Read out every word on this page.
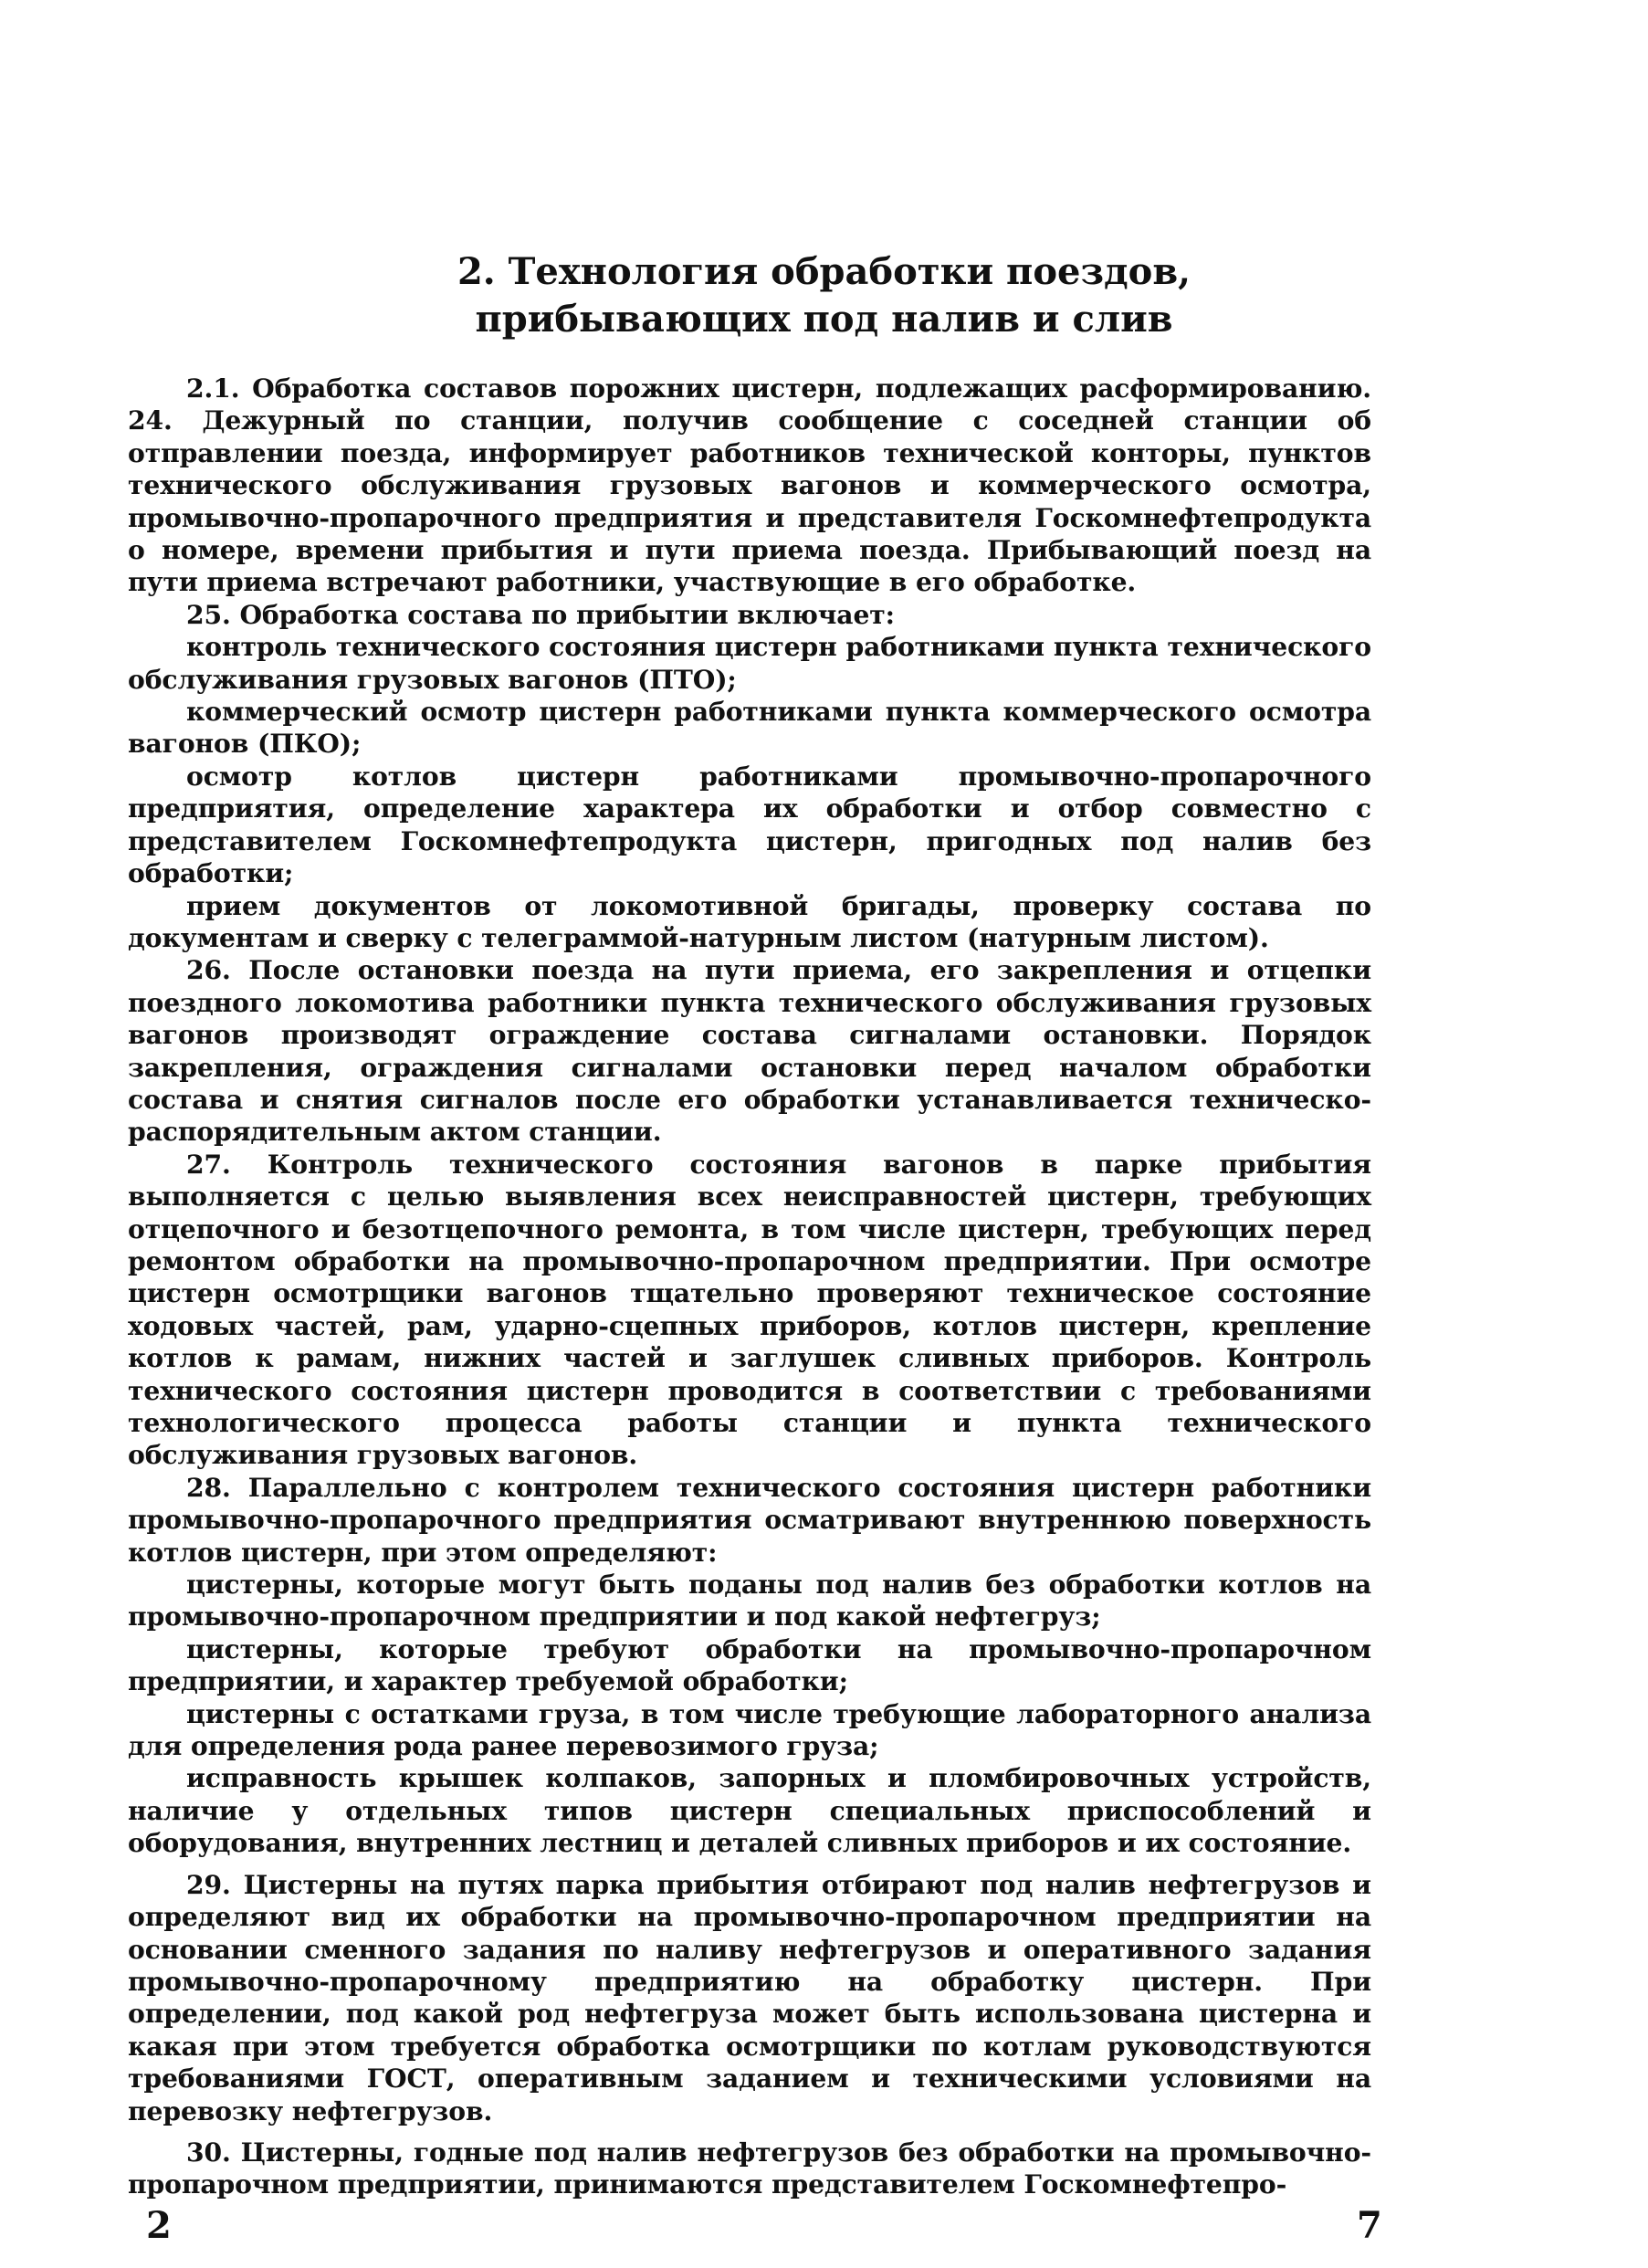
2. Технология обработки поездов,
прибывающих под налив и слив

2.1. Обработка составов порожних цистерн, подлежащих расформированию. 24. Дежурный по станции, получив сообщение с соседней станции об отправлении поезда, информирует работников технической конторы, пунктов технического обслуживания грузовых вагонов и коммерческого осмотра, промывочно-пропарочного предприятия и представителя Госкомнефтепродукта о номере, времени прибытия и пути приема поезда. Прибывающий поезд на пути приема встречают работники, участвующие в его обработке.

25. Обработка состава по прибытии включает:

контроль технического состояния цистерн работниками пункта технического обслуживания грузовых вагонов (ПТО);

коммерческий осмотр цистерн работниками пункта коммерческого осмотра вагонов (ПКО);

осмотр котлов цистерн работниками промывочно-пропарочного предприятия, определение характера их обработки и отбор совместно с представителем Госкомнефтепродукта цистерн, пригодных под налив без обработки;

прием документов от локомотивной бригады, проверку состава по документам и сверку с телеграммой-натурным листом (натурным листом).

26. После остановки поезда на пути приема, его закрепления и отцепки поездного локомотива работники пункта технического обслуживания грузовых вагонов производят ограждение состава сигналами остановки. Порядок закрепления, ограждения сигналами остановки перед началом обработки состава и снятия сигналов после его обработки устанавливается техническо-распорядительным актом станции.

27. Контроль технического состояния вагонов в парке прибытия выполняется с целью выявления всех неисправностей цистерн, требующих отцепочного и безотцепочного ремонта, в том числе цистерн, требующих перед ремонтом обработки на промывочно-пропарочном предприятии. При осмотре цистерн осмотрщики вагонов тщательно проверяют техническое состояние ходовых частей, рам, ударно-сцепных приборов, котлов цистерн, крепление котлов к рамам, нижних частей и заглушек сливных приборов. Контроль технического состояния цистерн проводится в соответствии с требованиями технологического процесса работы станции и пункта технического обслуживания грузовых вагонов.

28. Параллельно с контролем технического состояния цистерн работники промывочно-пропарочного предприятия осматривают внутреннюю поверхность котлов цистерн, при этом определяют:

цистерны, которые могут быть поданы под налив без обработки котлов на промывочно-пропарочном предприятии и под какой нефтегруз;

цистерны, которые требуют обработки на промывочно-пропарочном предприятии, и характер требуемой обработки;

цистерны с остатками груза, в том числе требующие лабораторного анализа для определения рода ранее перевозимого груза;

исправность крышек колпаков, запорных и пломбировочных устройств, наличие у отдельных типов цистерн специальных приспособлений и оборудования, внутренних лестниц и деталей сливных приборов и их состояние.

29. Цистерны на путях парка прибытия отбирают под налив нефтегрузов и определяют вид их обработки на промывочно-пропарочном предприятии на основании сменного задания по наливу нефтегрузов и оперативного задания промывочно-пропарочному предприятию на обработку цистерн. При определении, под какой род нефтегруза может быть использована цистерна и какая при этом требуется обработка осмотрщики по котлам руководствуются требованиями ГОСТ, оперативным заданием и техническими условиями на перевозку нефтегрузов.

30. Цистерны, годные под налив нефтегрузов без обработки на промывочно-пропарочном предприятии, принимаются представителем Госкомнефтепро-

2	7
